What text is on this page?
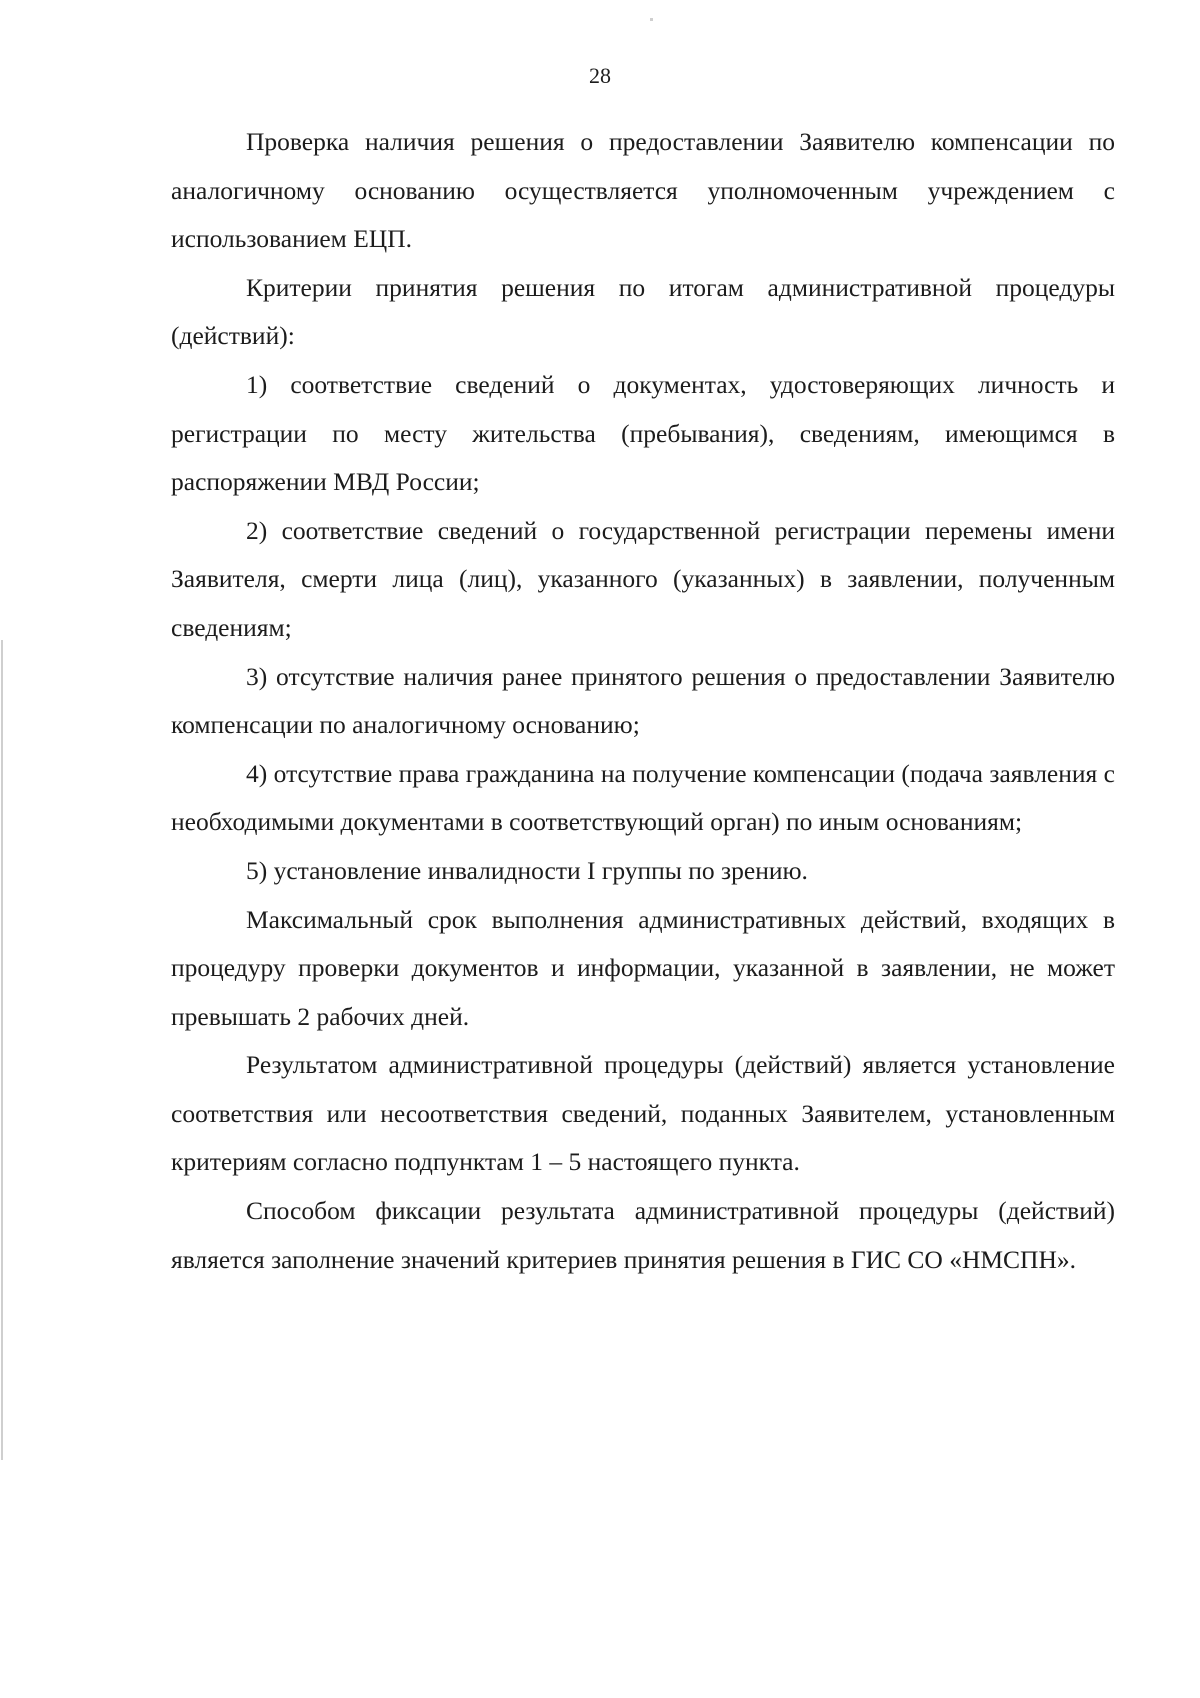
28

Проверка наличия решения о предоставлении Заявителю компенсации по аналогичному основанию осуществляется уполномоченным учреждением с использованием ЕЦП.

Критерии принятия решения по итогам административной процедуры (действий):

1) соответствие сведений о документах, удостоверяющих личность и регистрации по месту жительства (пребывания), сведениям, имеющимся в распоряжении МВД России;

2) соответствие сведений о государственной регистрации перемены имени Заявителя, смерти лица (лиц), указанного (указанных) в заявлении, полученным сведениям;

3) отсутствие наличия ранее принятого решения о предоставлении Заявителю компенсации по аналогичному основанию;

4) отсутствие права гражданина на получение компенсации (подача заявления с необходимыми документами в соответствующий орган) по иным основаниям;

5) установление инвалидности I группы по зрению.

Максимальный срок выполнения административных действий, входящих в процедуру проверки документов и информации, указанной в заявлении, не может превышать 2 рабочих дней.

Результатом административной процедуры (действий) является установление соответствия или несоответствия сведений, поданных Заявителем, установленным критериям согласно подпунктам 1 – 5 настоящего пункта.

Способом фиксации результата административной процедуры (действий) является заполнение значений критериев принятия решения в ГИС СО «НМСПН».
